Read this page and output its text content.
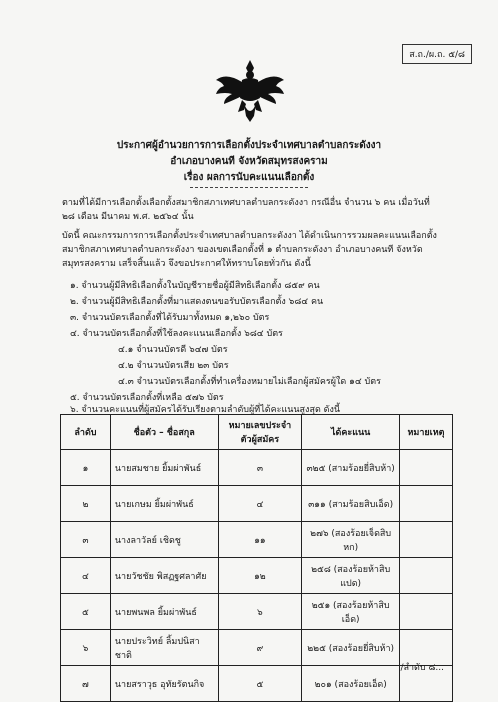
ส.ถ./ผ.ถ. ๕/๘
ประกาศผู้อำนวยการการเลือกตั้งประจำเทศบาลตำบลกระดังงา
อำเภอบางคนที จังหวัดสมุทรสงคราม
เรื่อง ผลการนับคะแนนเลือกตั้ง
ตามที่ได้มีการเลือกตั้งเลือกตั้งสมาชิกสภาเทศบาลตำบลกระดังงา กรณีอื่น จำนวน ๖ คน เมื่อวันที่ ๒๘ เดือน มีนาคม พ.ศ. ๒๕๖๔ นั้น
บัดนี้ คณะกรรมการการเลือกตั้งประจำเทศบาลตำบลกระดังงา ได้ดำเนินการรวมผลคะแนนเลือกตั้งสมาชิกสภาเทศบาลตำบลกระดังงา ของเขตเลือกตั้งที่ ๑ ตำบลกระดังงา อำเภอบางคนที จังหวัดสมุทรสงคราม เสร็จสิ้นแล้ว จึงขอประกาศให้ทราบโดยทั่วกัน ดังนี้
๑. จำนวนผู้มีสิทธิเลือกตั้งในบัญชีรายชื่อผู้มีสิทธิเลือกตั้ง ๘๕๙ คน
๒. จำนวนผู้มีสิทธิเลือกตั้งที่มาแสดงตนขอรับบัตรเลือกตั้ง ๖๘๔ คน
๓. จำนวนบัตรเลือกตั้งที่ได้รับมาทั้งหมด ๑,๒๖๐ บัตร
๔. จำนวนบัตรเลือกตั้งที่ใช้ลงคะแนนเลือกตั้ง ๖๘๔ บัตร
๔.๑ จำนวนบัตรดี ๖๔๗ บัตร
๔.๒ จำนวนบัตรเสีย ๒๓ บัตร
๔.๓ จำนวนบัตรเลือกตั้งที่ทำเครื่องหมายไม่เลือกผู้สมัครผู้ใด ๑๔ บัตร
๕. จำนวนบัตรเลือกตั้งที่เหลือ ๕๗๖ บัตร
๖. จำนวนคะแนนที่ผู้สมัครได้รับเรียงตามลำดับผู้ที่ได้คะแนนสูงสุด ดังนี้
ลำดับ	ชื่อตัว – ชื่อสกุล	หมายเลขประจำตัวผู้สมัคร	ได้คะแนน	หมายเหตุ
๑	นายสมชาย ยิ้มผ่าพันธ์	๓	๓๒๕ (สามร้อยยี่สิบห้า)	
๒	นายเกษม ยิ้มผ่าพันธ์	๔	๓๑๑ (สามร้อยสิบเอ็ด)	
๓	นางลาวัลย์ เชิดชู	๑๑	๒๗๖ (สองร้อยเจ็ดสิบหก)	
๔	นายวัชชัย พิสฏฐศลาศัย	๑๒	๒๕๘ (สองร้อยห้าสิบแปด)	
๕	นายพนพล ยิ้มผ่าพันธ์	๖	๒๕๑ (สองร้อยห้าสิบเอ็ด)	
๖	นายประวิทย์ ลิ้มปนิสาชาติ	๙	๒๒๕ (สองร้อยยี่สิบห้า)	
๗	นายสราวุธ อุทัยรัตนกิจ	๕	๒๐๑ (สองร้อยเอ็ด)	
/ลำดับ ๘...
